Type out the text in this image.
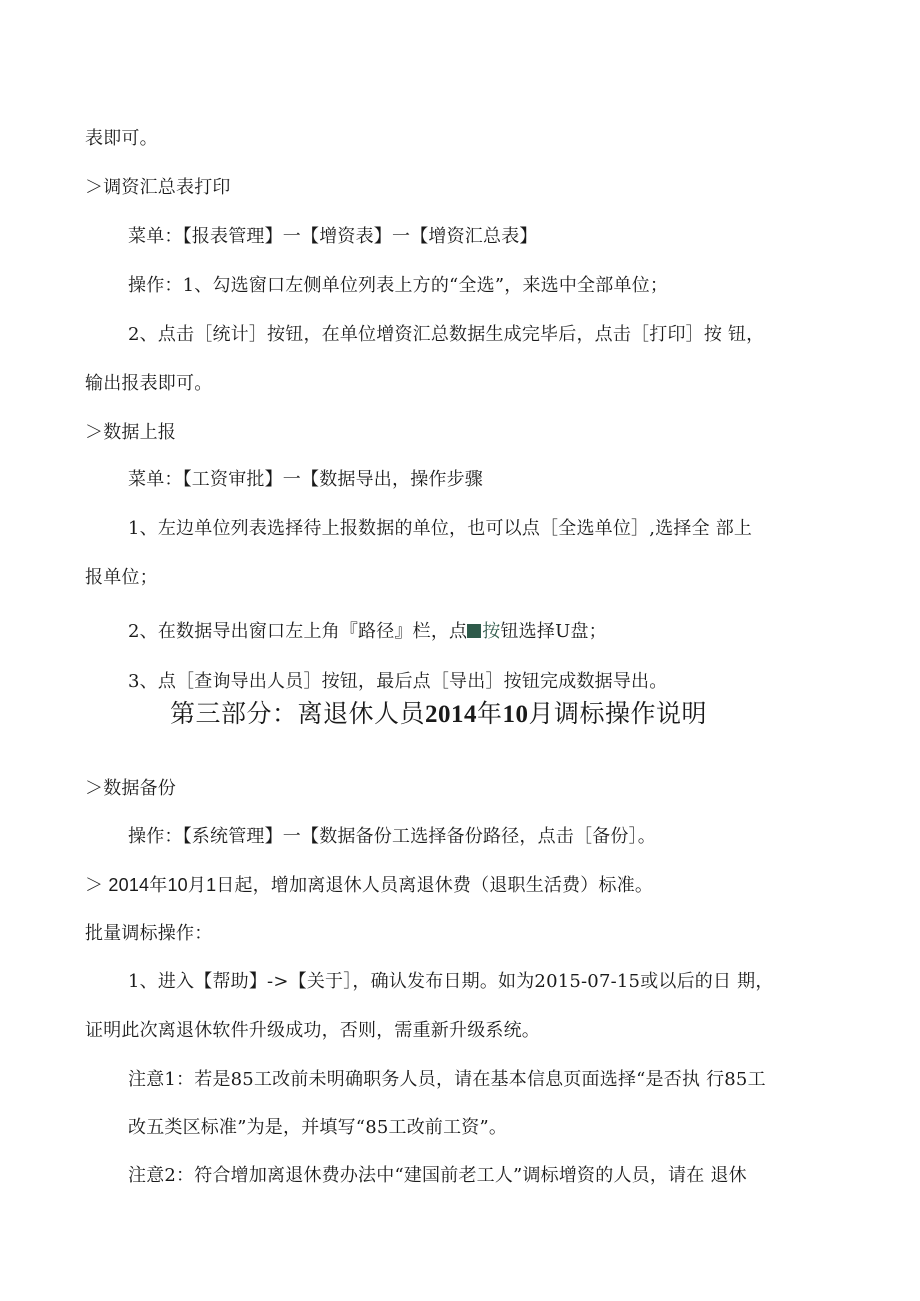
表即可。
＞调资汇总表打印
菜单：【报表管理】一【增资表】一【增资汇总表】
操作：1、勾选窗口左侧单位列表上方的“全选”，来选中全部单位；
2、点击［统计］按钮，在单位增资汇总数据生成完毕后，点击［打印］按 钮，
输出报表即可。
＞数据上报
菜单：【工资审批】一【数据导出，操作步骤
1、左边单位列表选择待上报数据的单位，也可以点［全选单位］,选择全 部上
报单位；
2、在数据导出窗口左上角『路径』栏，点 按钮选择U盘；
3、点［查询导出人员］按钮，最后点［导出］按钮完成数据导出。
第三部分：离退休人员2014年10月调标操作说明
＞数据备份
操作：【系统管理】一【数据备份工选择备份路径，点击［备份］。
＞ 2014年10月1日起，增加离退休人员离退休费（退职生活费）标准。
批量调标操作：
1、进入【帮助】->【关于］，确认发布日期。如为2015-07-15或以后的日 期，
证明此次离退休软件升级成功，否则，需重新升级系统。
注意1：若是85工改前未明确职务人员，请在基本信息页面选择“是否执 行85工
改五类区标准”为是，并填写“85工改前工资”。
注意2：符合增加离退休费办法中“建国前老工人”调标增资的人员，请在 退休
